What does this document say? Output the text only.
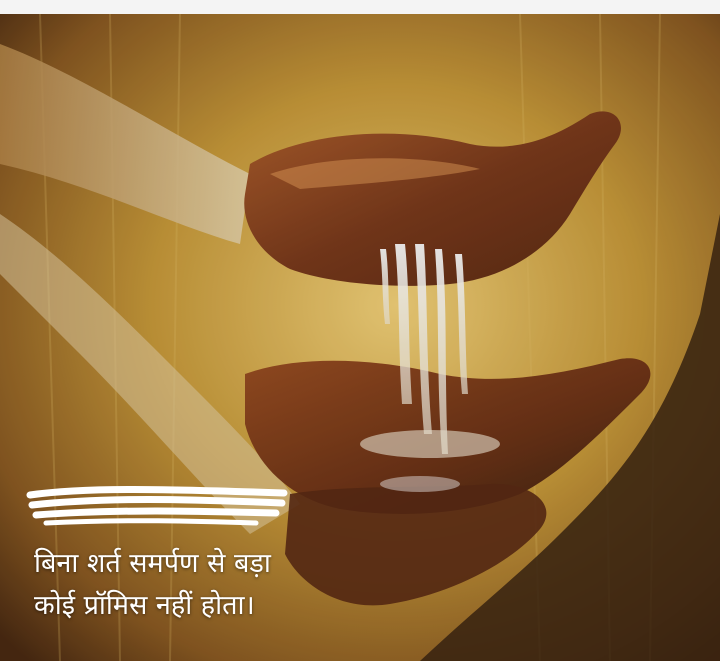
बिना शर्त समर्पण से बड़ा
कोई प्रॉमिस नहीं होता।
